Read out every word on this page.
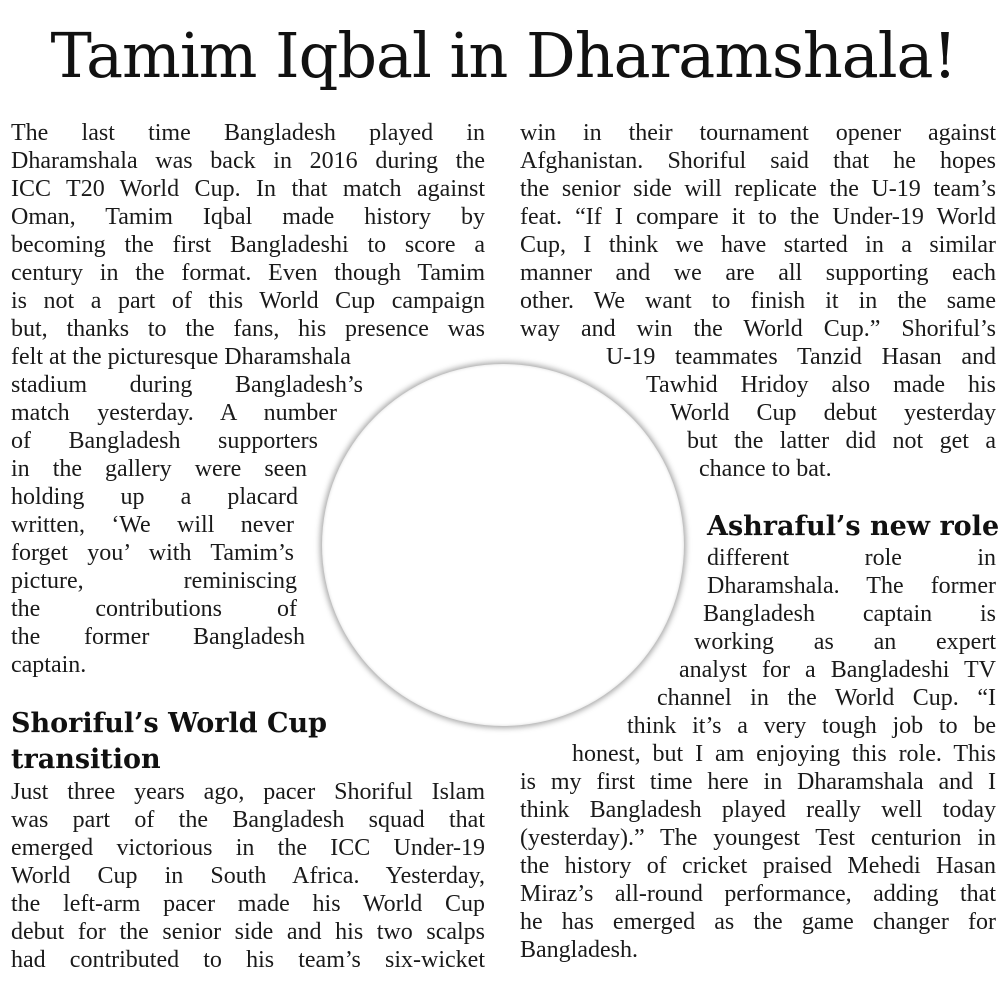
Tamim Iqbal in Dharamshala!

The last time Bangladesh played in

Dharamshala was back in 2016 during the

ICC T20 World Cup. In that match against

Oman, Tamim Iqbal made history by

becoming the first Bangladeshi to score a

century in the format. Even though Tamim

is not a part of this World Cup campaign

but, thanks to the fans, his presence was

felt at the picturesque Dharamshala

stadium during Bangladesh’s

match yesterday. A number

of Bangladesh supporters

in the gallery were seen

holding up a placard

written, ‘We will never

forget you’ with Tamim’s

picture, reminiscing

the contributions of

the former Bangladesh

captain.

Shoriful’s World Cup
transition

Just three years ago, pacer Shoriful Islam

was part of the Bangladesh squad that

emerged victorious in the ICC Under-19

World Cup in South Africa. Yesterday,

the left-arm pacer made his World Cup

debut for the senior side and his two scalps

had contributed to his team’s six-wicket

win in their tournament opener against

Afghanistan. Shoriful said that he hopes

the senior side will replicate the U-19 team’s

feat. “If I compare it to the Under-19 World

Cup, I think we have started in a similar

manner and we are all supporting each

other. We want to finish it in the same

way and win the World Cup.” Shoriful’s

U-19 teammates Tanzid Hasan and

Tawhid Hridoy also made his

World Cup debut yesterday

but the latter did not get a

chance to bat.

Ashraful’s new role

different role in

Dharamshala. The former

Bangladesh captain is

working as an expert

analyst for a Bangladeshi TV

channel in the World Cup. “I

think it’s a very tough job to be

honest, but I am enjoying this role. This

is my first time here in Dharamshala and I

think Bangladesh played really well today

(yesterday).” The youngest Test centurion in

the history of cricket praised Mehedi Hasan

Miraz’s all-round performance, adding that

he has emerged as the game changer for

Bangladesh.
